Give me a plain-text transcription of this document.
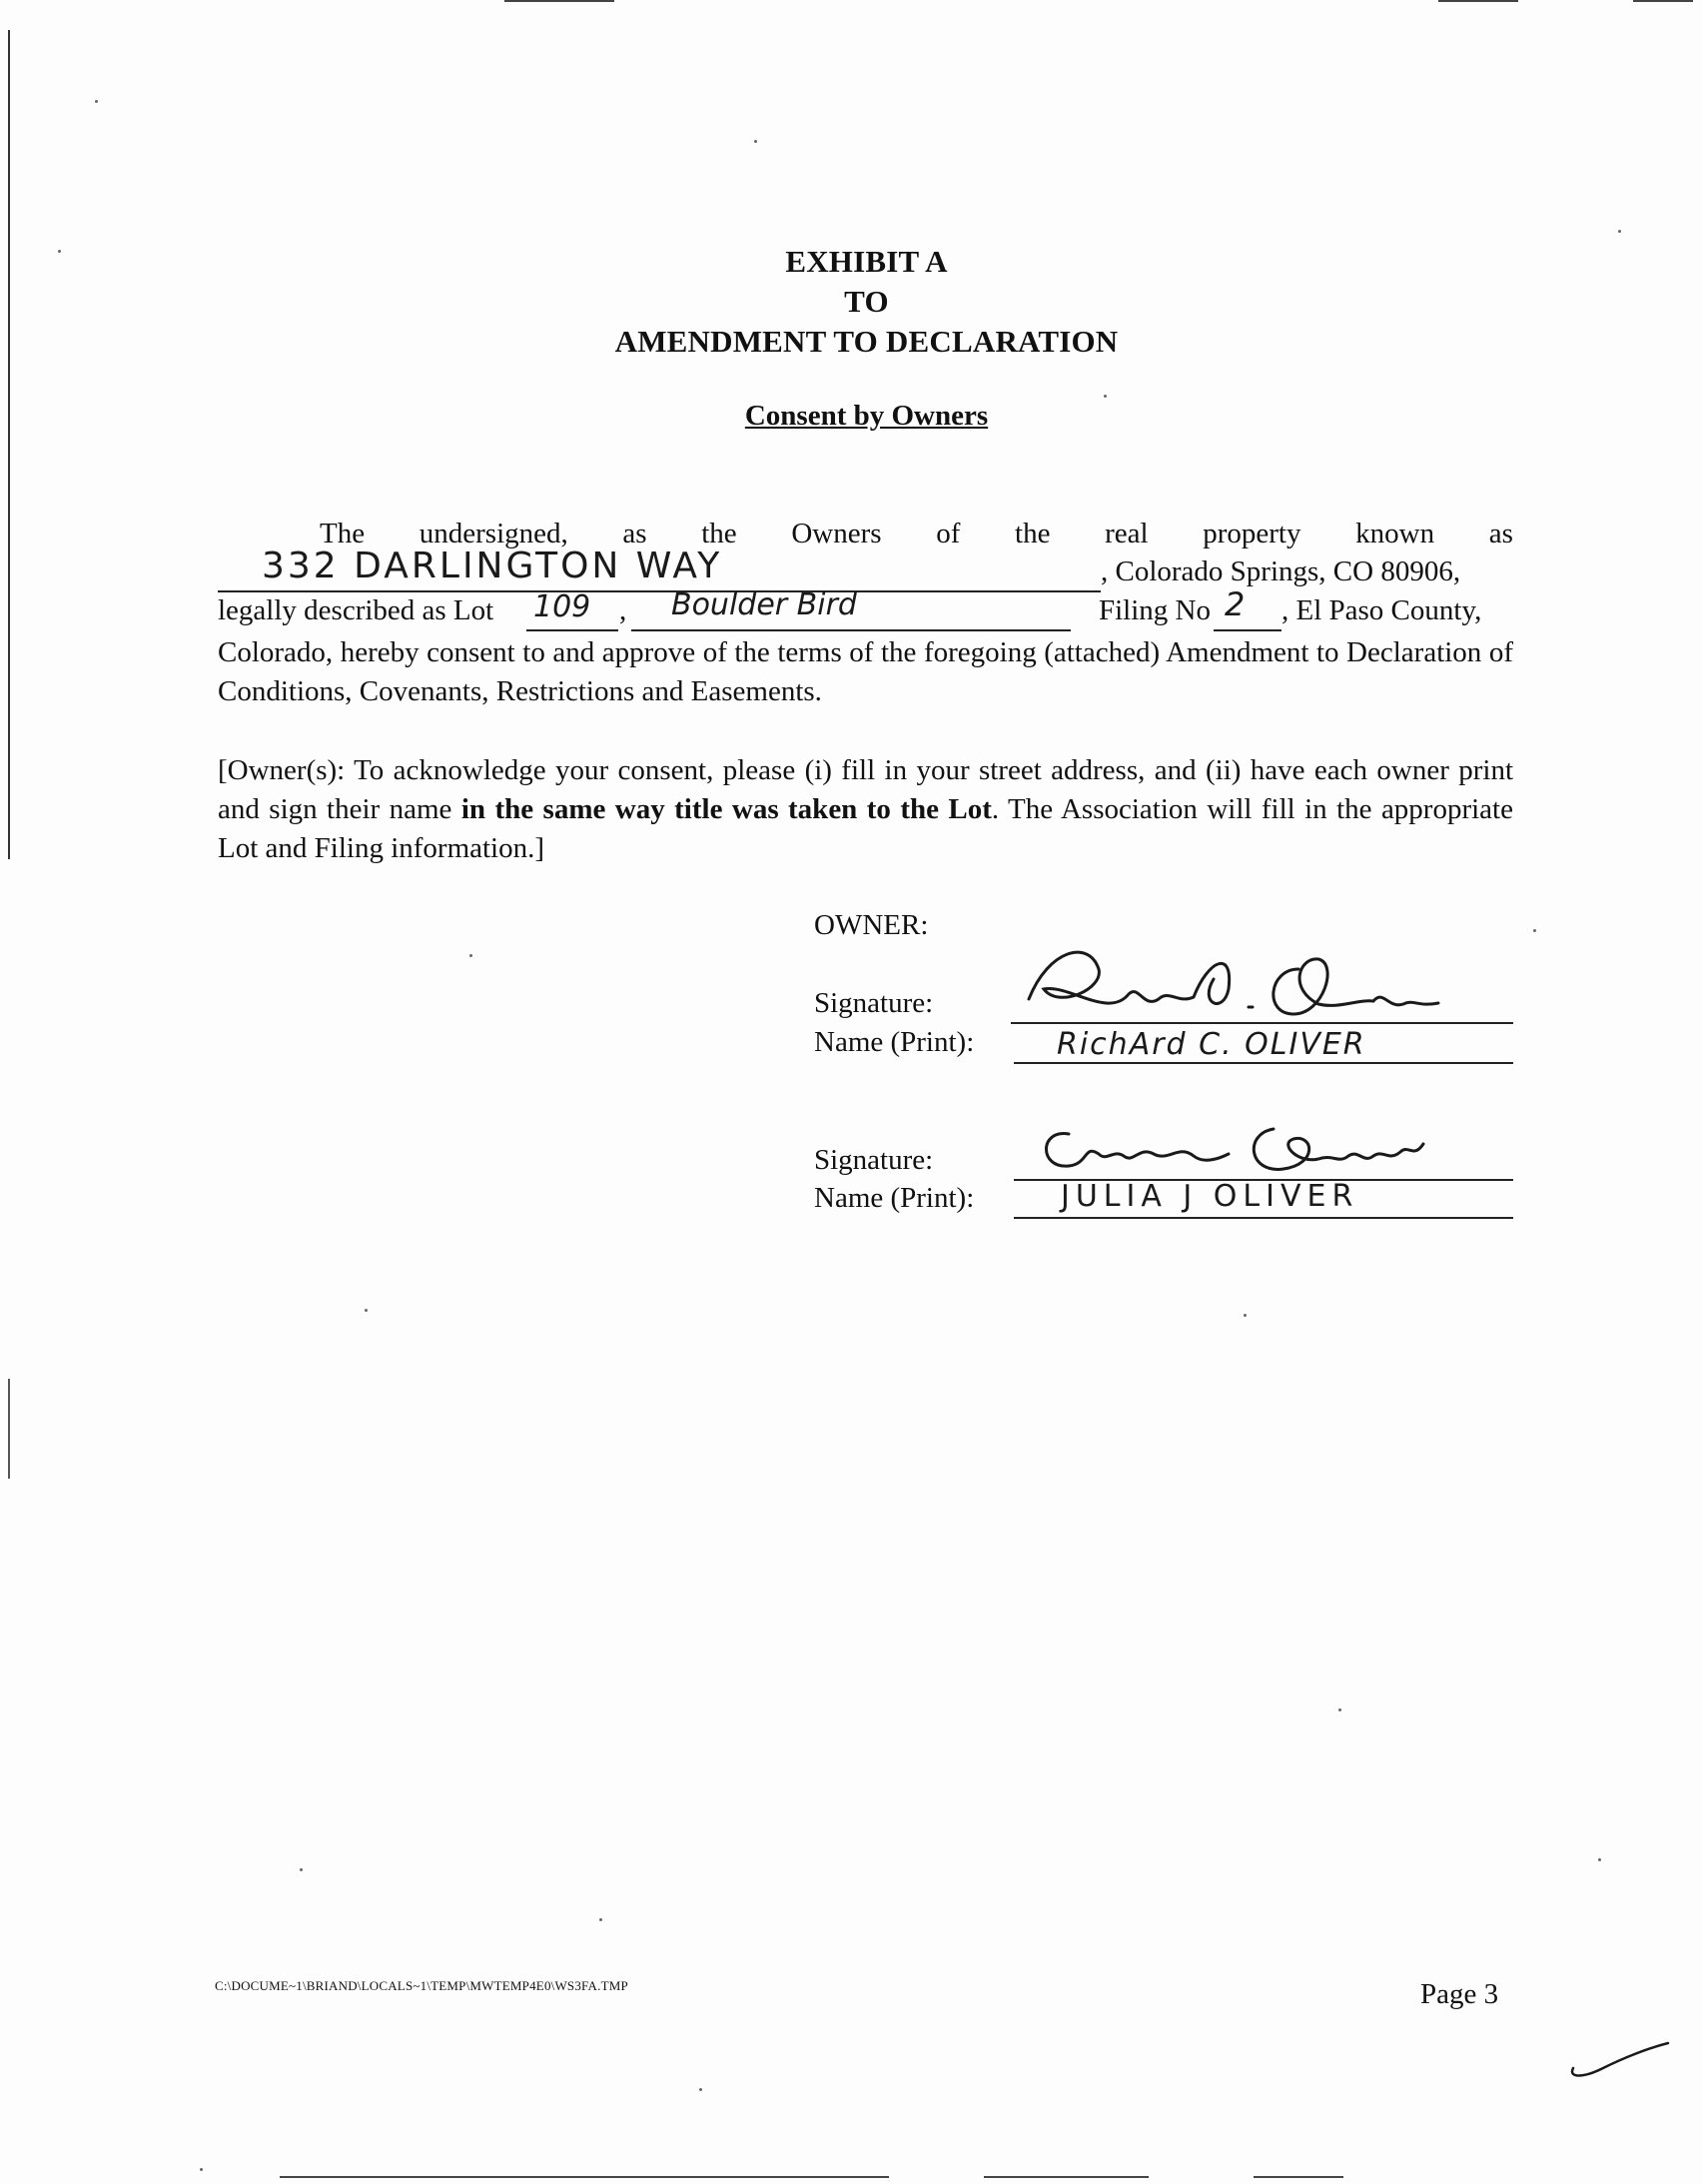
EXHIBIT A
TO
AMENDMENT TO DECLARATION
Consent by Owners
The undersigned, as the Owners of the real property known as
332 DARLINGTON WAY	, Colorado Springs, CO 80906,
legally described as Lot 109 , Boulder Bird	Filing No 2 , El Paso County,
Colorado, hereby consent to and approve of the terms of the foregoing (attached) Amendment to Declaration of Conditions, Covenants, Restrictions and Easements.
[Owner(s): To acknowledge your consent, please (i) fill in your street address, and (ii) have each owner print and sign their name in the same way title was taken to the Lot. The Association will fill in the appropriate Lot and Filing information.]
OWNER:
Signature:
Name (Print):	RichArd C. OLIVER
Signature:
Name (Print):	JULIA J OLIVER
C:\DOCUME~1\BRIAND\LOCALS~1\TEMP\MWTEMP4E0\WS3FA.TMP	Page 3
